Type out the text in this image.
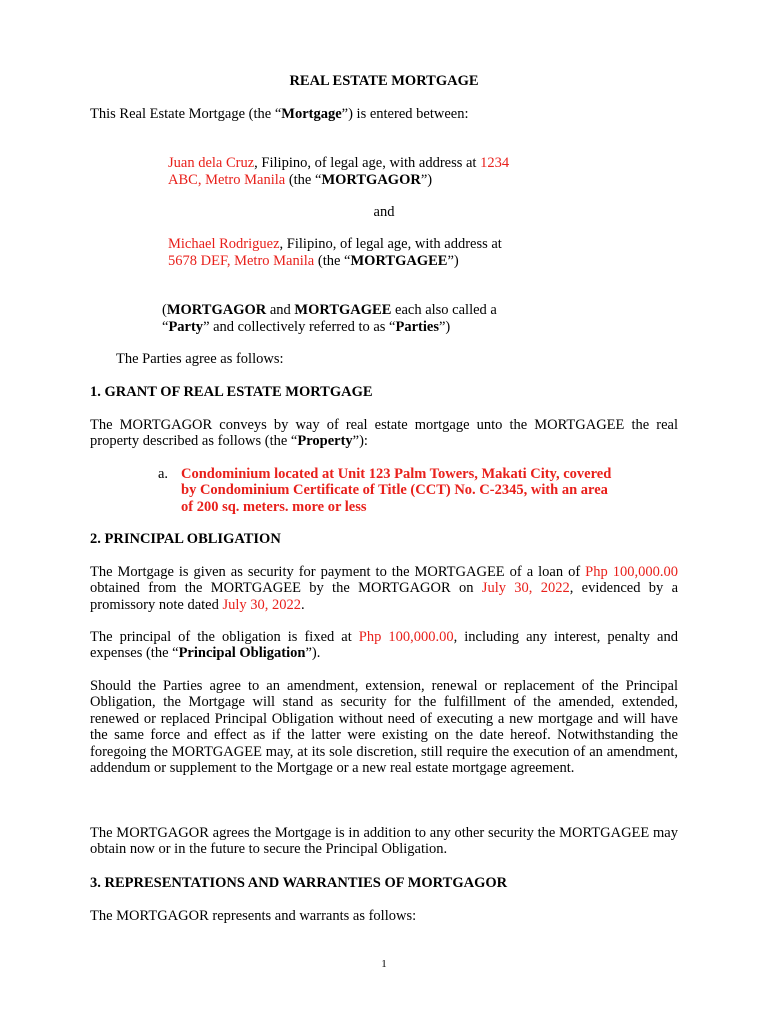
REAL ESTATE MORTGAGE
This Real Estate Mortgage (the “Mortgage”) is entered between:
Juan dela Cruz, Filipino, of legal age, with address at 1234
ABC, Metro Manila (the “MORTGAGOR”)
and
Michael Rodriguez, Filipino, of legal age, with address at
5678 DEF, Metro Manila (the “MORTGAGEE”)
(MORTGAGOR and MORTGAGEE each also called a
“Party” and collectively referred to as “Parties”)
The Parties agree as follows:
1. GRANT OF REAL ESTATE MORTGAGE
The MORTGAGOR conveys by way of real estate mortgage unto the MORTGAGEE the real property described as follows (the “Property”):
a. Condominium located at Unit 123 Palm Towers, Makati City, covered
by Condominium Certificate of Title (CCT) No. C-2345, with an area
of 200 sq. meters. more or less
2. PRINCIPAL OBLIGATION
The Mortgage is given as security for payment to the MORTGAGEE of a loan of Php 100,000.00 obtained from the MORTGAGEE by the MORTGAGOR on July 30, 2022, evidenced by a promissory note dated July 30, 2022.
The principal of the obligation is fixed at Php 100,000.00, including any interest, penalty and expenses (the “Principal Obligation”).
Should the Parties agree to an amendment, extension, renewal or replacement of the Principal Obligation, the Mortgage will stand as security for the fulfillment of the amended, extended, renewed or replaced Principal Obligation without need of executing a new mortgage and will have the same force and effect as if the latter were existing on the date hereof. Notwithstanding the foregoing the MORTGAGEE may, at its sole discretion, still require the execution of an amendment, addendum or supplement to the Mortgage or a new real estate mortgage agreement.
The MORTGAGOR agrees the Mortgage is in addition to any other security the MORTGAGEE may obtain now or in the future to secure the Principal Obligation.
3. REPRESENTATIONS AND WARRANTIES OF MORTGAGOR
The MORTGAGOR represents and warrants as follows:
1
